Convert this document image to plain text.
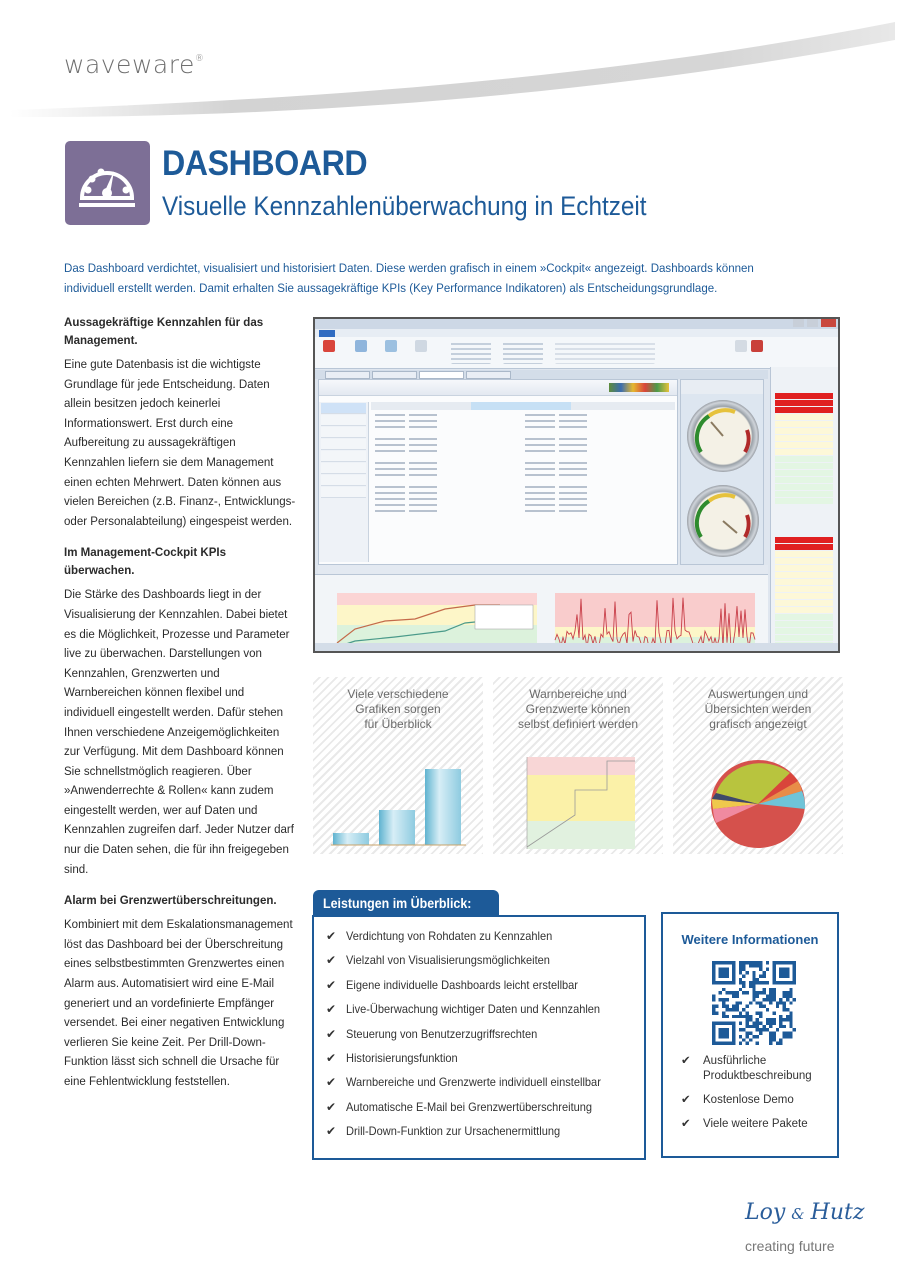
waveware®
DASHBOARD
Visuelle Kennzahlenüberwachung in Echtzeit
Das Dashboard verdichtet, visualisiert und historisiert Daten. Diese werden grafisch in einem »Cockpit« angezeigt. Dashboards können
individuell erstellt werden. Damit erhalten Sie aussagekräftige KPIs (Key Performance Indikatoren) als Entscheidungsgrundlage.
Aussagekräftige Kennzahlen für das Management.

Eine gute Datenbasis ist die wichtigste Grundlage für jede Entscheidung. Daten allein besitzen jedoch keinerlei Informationswert. Erst durch eine Aufbereitung zu aussagekräftigen Kennzahlen liefern sie dem Management einen echten Mehrwert. Daten können aus vielen Bereichen (z.B. Finanz-, Entwicklungs- oder Personalabteilung) eingespeist werden.

Im Management-Cockpit KPIs überwachen.

Die Stärke des Dashboards liegt in der Visualisierung der Kennzahlen. Dabei bietet es die Möglichkeit, Prozesse und Parameter live zu überwachen. Darstellungen von Kennzahlen, Grenzwerten und Warnbereichen können flexibel und individuell eingestellt werden. Dafür stehen Ihnen verschiedene Anzeigemöglichkeiten zur Verfügung. Mit dem Dashboard können Sie schnellstmöglich reagieren. Über »Anwenderrechte & Rollen« kann zudem eingestellt werden, wer auf Daten und Kennzahlen zugreifen darf. Jeder Nutzer darf nur die Daten sehen, die für ihn freigegeben sind.

Alarm bei Grenzwertüberschreitungen.

Kombiniert mit dem Eskalationsmanagement löst das Dashboard bei der Überschreitung eines selbstbestimmten Grenzwertes einen Alarm aus. Automatisiert wird eine E-Mail generiert und an vordefinierte Empfänger versendet. Bei einer negativen Entwicklung verlieren Sie keine Zeit. Per Drill-Down-Funktion lässt sich schnell die Ursache für eine Fehlentwicklung feststellen.

Viele verschiedene
Grafiken sorgen
für Überblick
Warnbereiche und
Grenzwerte können
selbst definiert werden
Auswertungen und
Übersichten werden
grafisch angezeigt
Leistungen im Überblick:
✔ Verdichtung von Rohdaten zu Kennzahlen
✔ Vielzahl von Visualisierungsmöglichkeiten
✔ Eigene individuelle Dashboards leicht erstellbar
✔ Live-Überwachung wichtiger Daten und Kennzahlen
✔ Steuerung von Benutzerzugriffsrechten
✔ Historisierungsfunktion
✔ Warnbereiche und Grenzwerte individuell einstellbar
✔ Automatische E-Mail bei Grenzwertüberschreitung
✔ Drill-Down-Funktion zur Ursachenermittlung
Weitere Informationen
✔	Ausführliche Produktbeschreibung
✔	Kostenlose Demo
✔	Viele weitere Pakete
Loy & Hutz
creating future
